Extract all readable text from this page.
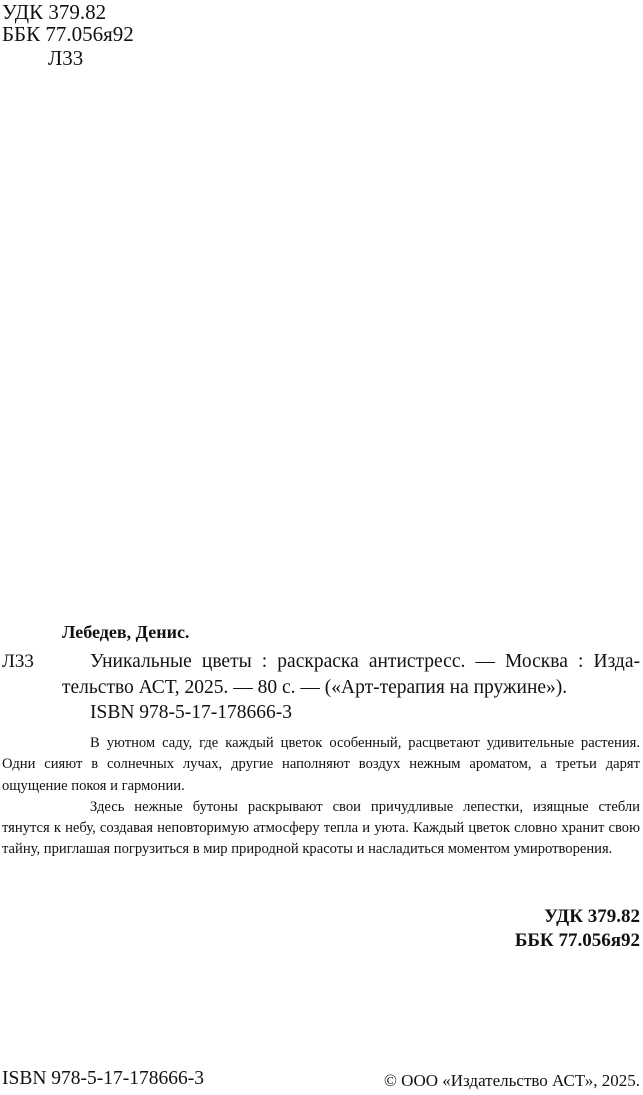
УДК 379.82
ББК 77.056я92
Л33
Лебедев, Денис.
Л33	Уникальные цветы : раскраска антистресс. — Москва : Изда-
тельство АСТ, 2025. — 80 с. — («Арт-терапия на пружине»).
ISBN 978-5-17-178666-3

В уютном саду, где каждый цветок особенный, расцветают удивительные растения. Одни сияют в солнечных лучах, другие наполняют воздух нежным ароматом, а третьи дарят ощущение покоя и гармонии.

Здесь нежные бутоны раскрывают свои причудливые лепестки, изящные стебли тянутся к небу, создавая неповторимую атмосферу тепла и уюта. Каждый цветок словно хранит свою тайну, приглашая погрузиться в мир природной красоты и насладиться моментом умиротворения.

УДК 379.82
ББК 77.056я92
ISBN 978-5-17-178666-3	© ООО «Издательство АСТ», 2025.
